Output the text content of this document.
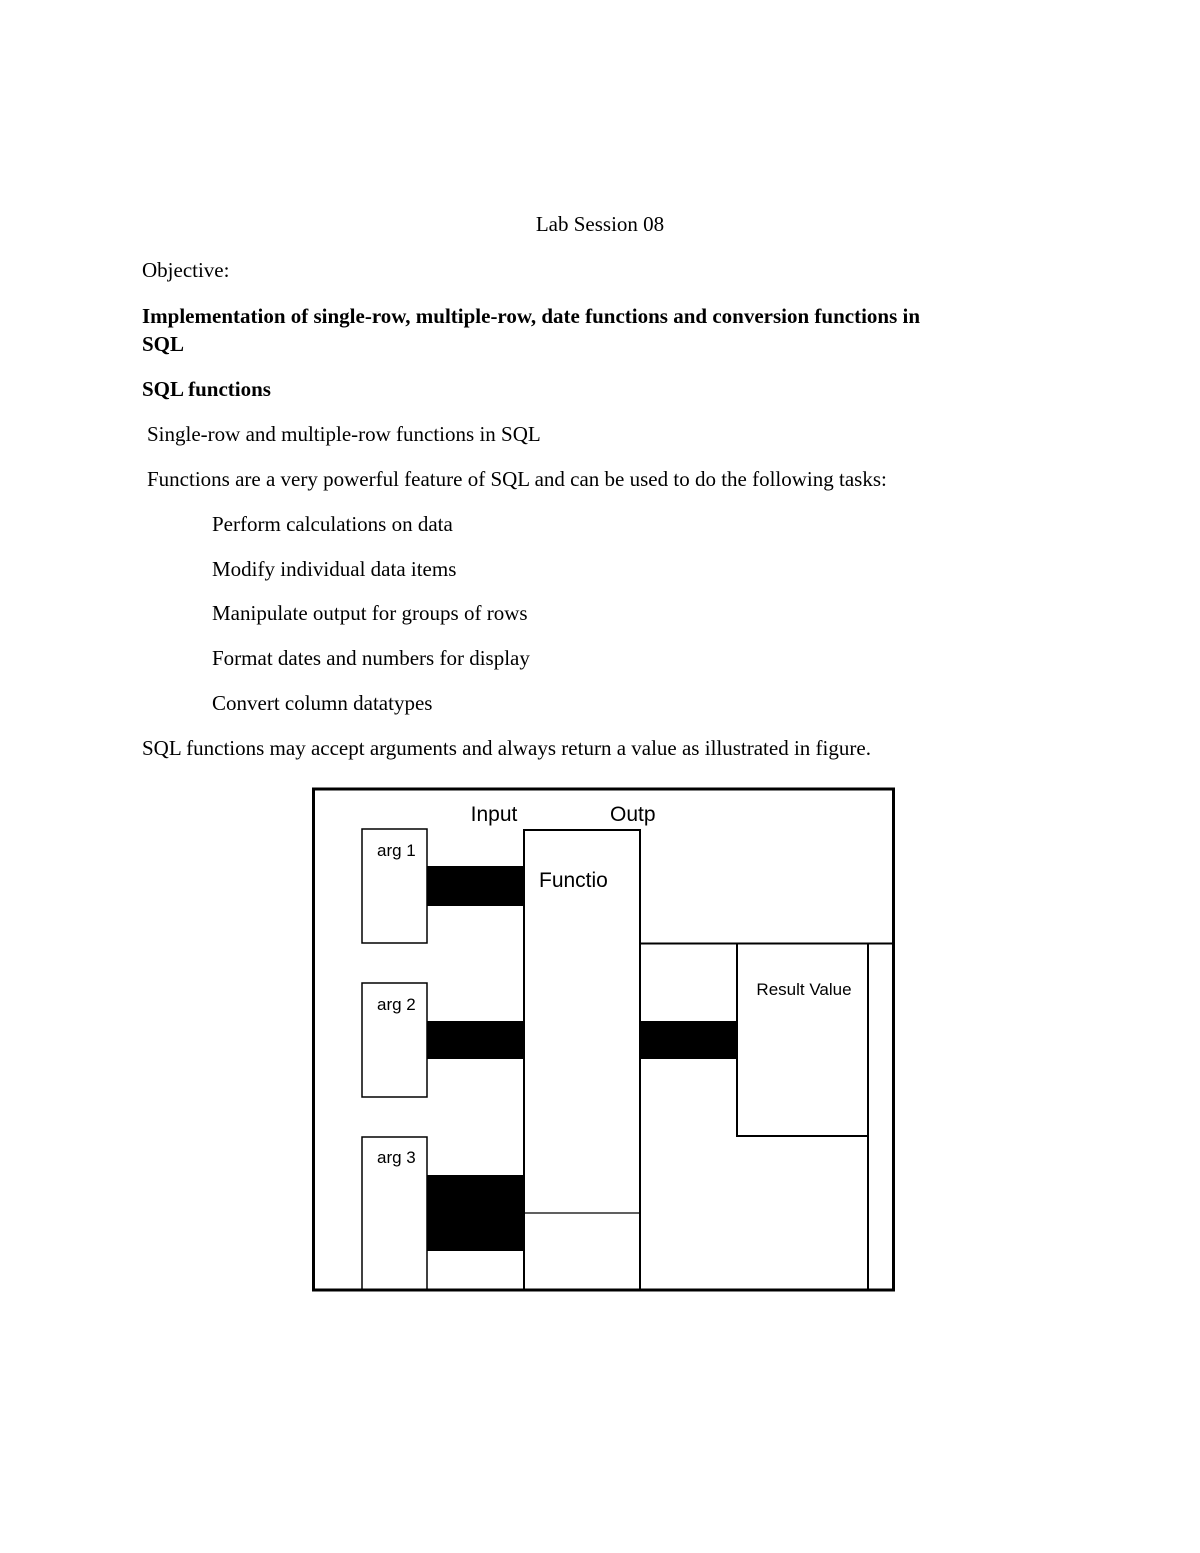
Lab Session 08
Objective:
Implementation of single-row, multiple-row, date functions and conversion functions in
SQL
SQL functions
Single-row and multiple-row functions in SQL
Functions are a very powerful feature of SQL and can be used to do the following tasks:
Perform calculations on data
Modify individual data items
Manipulate output for groups of rows
Format dates and numbers for display
Convert column datatypes
SQL functions may accept arguments and always return a value as illustrated in figure.
Input	Outp
Functio
arg 1
arg 2
arg 3
Result Value
